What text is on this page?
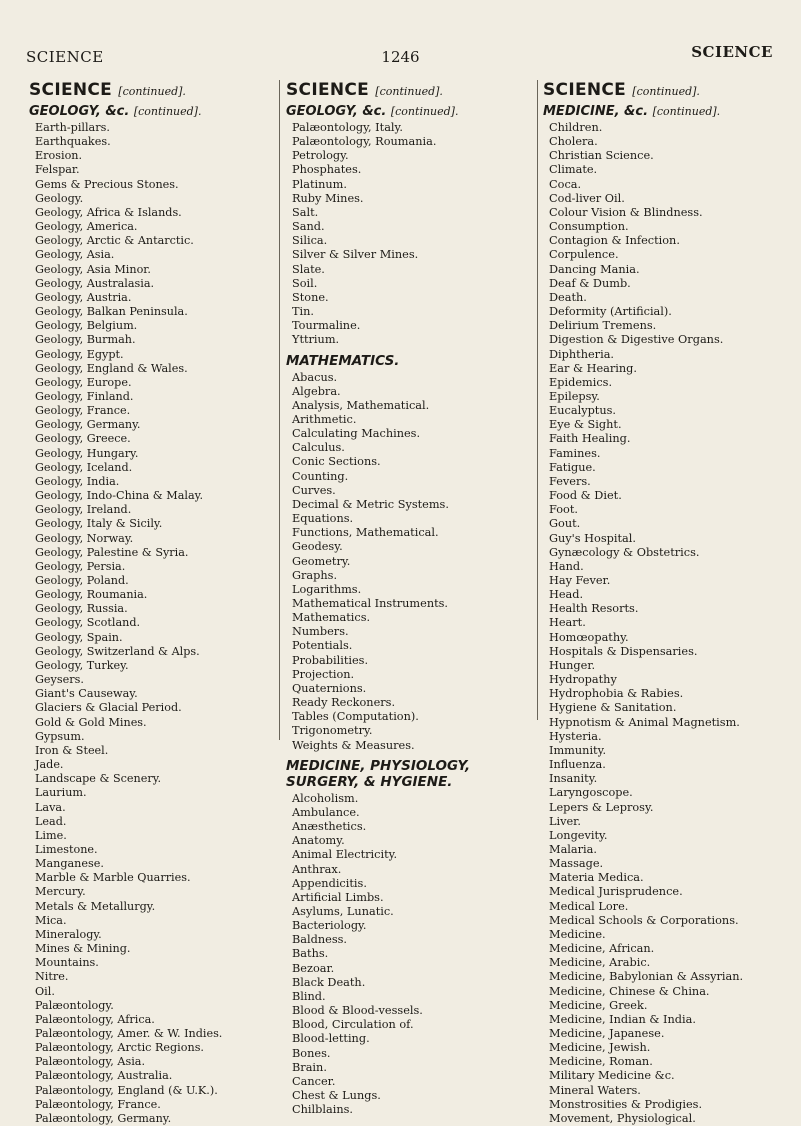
SCIENCE	1246	SCIENCE
SCIENCE [continued].
GEOLOGY, &c. [continued].
Earth-pillars.
Earthquakes.
Erosion.
Felspar.
Gems & Precious Stones.
Geology.
Geology, Africa & Islands.
Geology, America.
Geology, Arctic & Antarctic.
Geology, Asia.
Geology, Asia Minor.
Geology, Australasia.
Geology, Austria.
Geology, Balkan Peninsula.
Geology, Belgium.
Geology, Burmah.
Geology, Egypt.
Geology, England & Wales.
Geology, Europe.
Geology, Finland.
Geology, France.
Geology, Germany.
Geology, Greece.
Geology, Hungary.
Geology, Iceland.
Geology, India.
Geology, Indo-China & Malay.
Geology, Ireland.
Geology, Italy & Sicily.
Geology, Norway.
Geology, Palestine & Syria.
Geology, Persia.
Geology, Poland.
Geology, Roumania.
Geology, Russia.
Geology, Scotland.
Geology, Spain.
Geology, Switzerland & Alps.
Geology, Turkey.
Geysers.
Giant's Causeway.
Glaciers & Glacial Period.
Gold & Gold Mines.
Gypsum.
Iron & Steel.
Jade.
Landscape & Scenery.
Laurium.
Lava.
Lead.
Lime.
Limestone.
Manganese.
Marble & Marble Quarries.
Mercury.
Metals & Metallurgy.
Mica.
Mineralogy.
Mines & Mining.
Mountains.
Nitre.
Oil.
Palæontology.
Palæontology, Africa.
Palæontology, Amer. & W. Indies.
Palæontology, Arctic Regions.
Palæontology, Asia.
Palæontology, Australia.
Palæontology, England (& U.K.).
Palæontology, France.
Palæontology, Germany.
SCIENCE [continued].
GEOLOGY, &c. [continued].
Palæontology, Italy.
Palæontology, Roumania.
Petrology.
Phosphates.
Platinum.
Ruby Mines.
Salt.
Sand.
Silica.
Silver & Silver Mines.
Slate.
Soil.
Stone.
Tin.
Tourmaline.
Yttrium.
MATHEMATICS.
Abacus.
Algebra.
Analysis, Mathematical.
Arithmetic.
Calculating Machines.
Calculus.
Conic Sections.
Counting.
Curves.
Decimal & Metric Systems.
Equations.
Functions, Mathematical.
Geodesy.
Geometry.
Graphs.
Logarithms.
Mathematical Instruments.
Mathematics.
Numbers.
Potentials.
Probabilities.
Projection.
Quaternions.
Ready Reckoners.
Tables (Computation).
Trigonometry.
Weights & Measures.
MEDICINE, PHYSIOLOGY, SURGERY, & HYGIENE.
Alcoholism.
Ambulance.
Anæsthetics.
Anatomy.
Animal Electricity.
Anthrax.
Appendicitis.
Artificial Limbs.
Asylums, Lunatic.
Bacteriology.
Baldness.
Baths.
Bezoar.
Black Death.
Blind.
Blood & Blood-vessels.
Blood, Circulation of.
Blood-letting.
Bones.
Brain.
Cancer.
Chest & Lungs.
Chilblains.
SCIENCE [continued].
MEDICINE, &c. [continued].
Children.
Cholera.
Christian Science.
Climate.
Coca.
Cod-liver Oil.
Colour Vision & Blindness.
Consumption.
Contagion & Infection.
Corpulence.
Dancing Mania.
Deaf & Dumb.
Death.
Deformity (Artificial).
Delirium Tremens.
Digestion & Digestive Organs.
Diphtheria.
Ear & Hearing.
Epidemics.
Epilepsy.
Eucalyptus.
Eye & Sight.
Faith Healing.
Famines.
Fatigue.
Fevers.
Food & Diet.
Foot.
Gout.
Guy's Hospital.
Gynæcology & Obstetrics.
Hand.
Hay Fever.
Head.
Health Resorts.
Heart.
Homœopathy.
Hospitals & Dispensaries.
Hunger.
Hydropathy
Hydrophobia & Rabies.
Hygiene & Sanitation.
Hypnotism & Animal Magnetism.
Hysteria.
Immunity.
Influenza.
Insanity.
Laryngoscope.
Lepers & Leprosy.
Liver.
Longevity.
Malaria.
Massage.
Materia Medica.
Medical Jurisprudence.
Medical Lore.
Medical Schools & Corporations.
Medicine.
Medicine, African.
Medicine, Arabic.
Medicine, Babylonian & Assyrian.
Medicine, Chinese & China.
Medicine, Greek.
Medicine, Indian & India.
Medicine, Japanese.
Medicine, Jewish.
Medicine, Roman.
Military Medicine &c.
Mineral Waters.
Monstrosities & Prodigies.
Movement, Physiological.
